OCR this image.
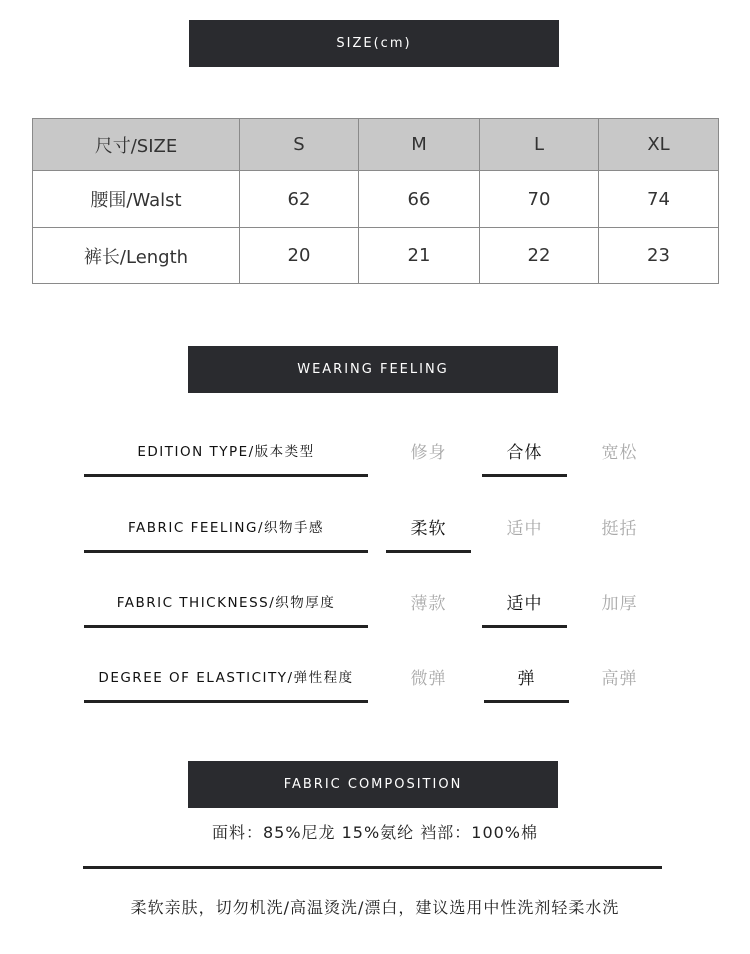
SIZE(cm)
尺寸/SIZE	S	M	L	XL
腰围/Walst	62	66	70	74
裤长/Length	20	21	22	23
WEARING FEELING
EDITION TYPE/版本类型	修身	合体	宽松
FABRIC FEELING/织物手感	柔软	适中	挺括
FABRIC THICKNESS/织物厚度	薄款	适中	加厚
DEGREE OF ELASTICITY/弹性程度	微弹	弹	高弹
FABRIC COMPOSITION
面料：85%尼龙 15%氨纶 裆部：100%棉
柔软亲肤，切勿机洗/高温烫洗/漂白，建议选用中性洗剂轻柔水洗
